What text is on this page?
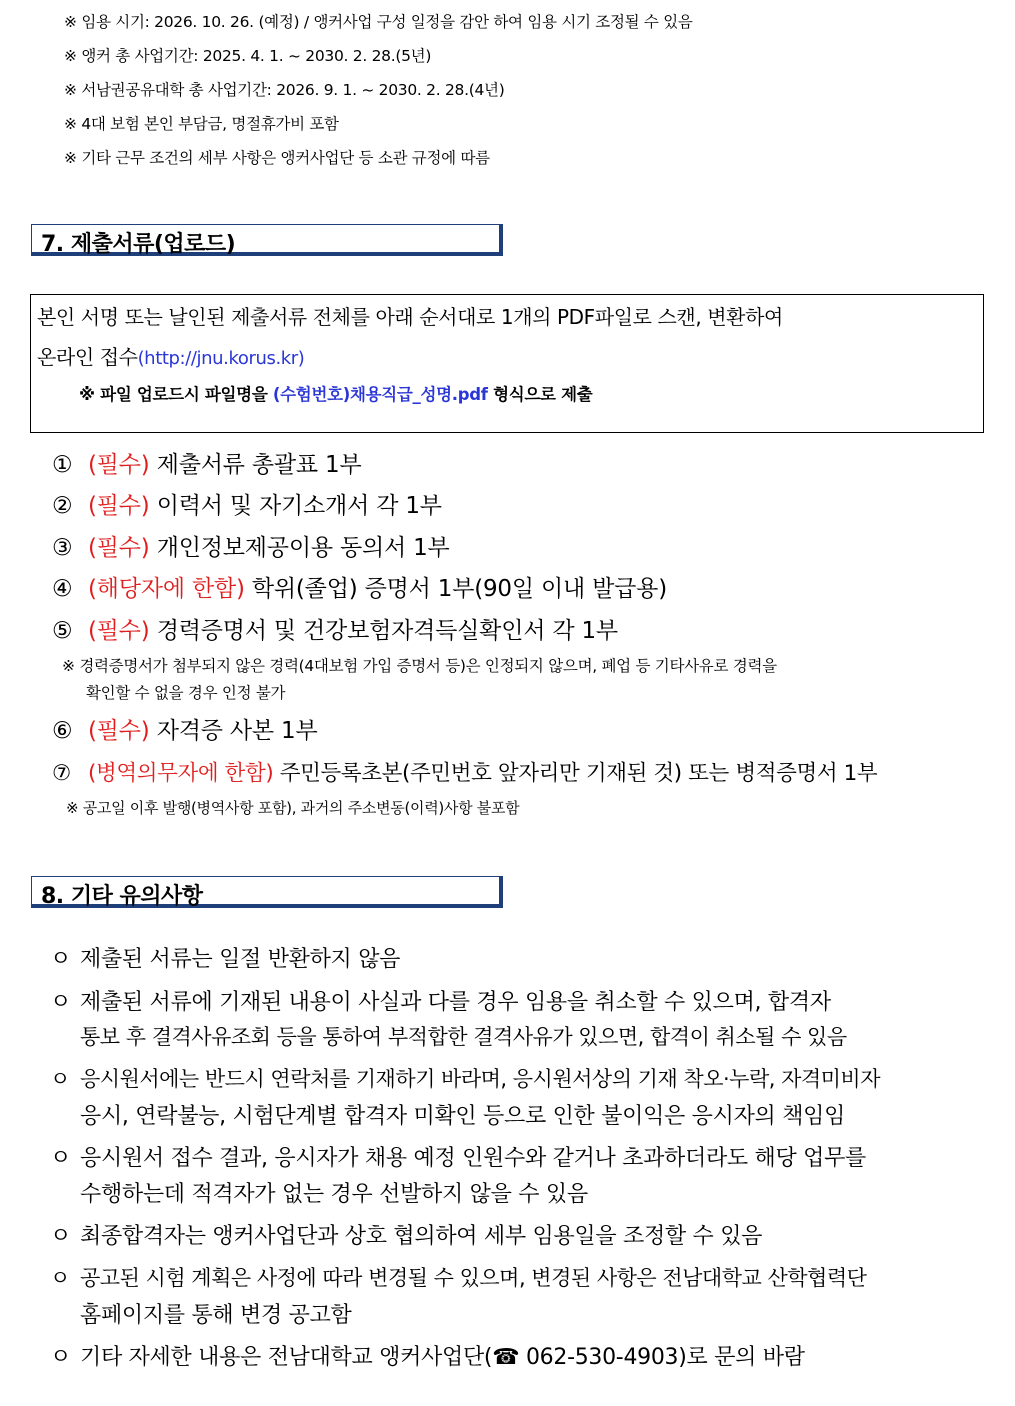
※ 임용 시기: 2026. 10. 26. (예정) / 앵커사업 구성 일정을 감안 하여 임용 시기 조정될 수 있음
※ 앵커 총 사업기간: 2025. 4. 1. ~ 2030. 2. 28.(5년)
※ 서남권공유대학 총 사업기간: 2026. 9. 1. ~ 2030. 2. 28.(4년)
※ 4대 보험 본인 부담금, 명절휴가비 포함
※ 기타 근무 조건의 세부 사항은 앵커사업단 등 소관 규정에 따름
7. 제출서류(업로드)
본인 서명 또는 날인된 제출서류 전체를 아래 순서대로 1개의 PDF파일로 스캔, 변환하여
온라인 접수(http://jnu.korus.kr)
※ 파일 업로드시 파일명을 (수험번호)채용직급_성명.pdf 형식으로 제출
① (필수) 제출서류 총괄표 1부
② (필수) 이력서 및 자기소개서 각 1부
③ (필수) 개인정보제공이용 동의서 1부
④ (해당자에 한함) 학위(졸업) 증명서 1부(90일 이내 발급용)
⑤ (필수) 경력증명서 및 건강보험자격득실확인서 각 1부
※ 경력증명서가 첨부되지 않은 경력(4대보험 가입 증명서 등)은 인정되지 않으며, 폐업 등 기타사유로 경력을
확인할 수 없을 경우 인정 불가
⑥ (필수) 자격증 사본 1부
⑦ (병역의무자에 한함) 주민등록초본(주민번호 앞자리만 기재된 것) 또는 병적증명서 1부
※ 공고일 이후 발행(병역사항 포함), 과거의 주소변동(이력)사항 불포함
8. 기타 유의사항
ㅇ 제출된 서류는 일절 반환하지 않음
ㅇ 제출된 서류에 기재된 내용이 사실과 다를 경우 임용을 취소할 수 있으며, 합격자
통보 후 결격사유조회 등을 통하여 부적합한 결격사유가 있으면, 합격이 취소될 수 있음
ㅇ 응시원서에는 반드시 연락처를 기재하기 바라며, 응시원서상의 기재 착오·누락, 자격미비자
응시, 연락불능, 시험단계별 합격자 미확인 등으로 인한 불이익은 응시자의 책임임
ㅇ 응시원서 접수 결과, 응시자가 채용 예정 인원수와 같거나 초과하더라도 해당 업무를
수행하는데 적격자가 없는 경우 선발하지 않을 수 있음
ㅇ 최종합격자는 앵커사업단과 상호 협의하여 세부 임용일을 조정할 수 있음
ㅇ 공고된 시험 계획은 사정에 따라 변경될 수 있으며, 변경된 사항은 전남대학교 산학협력단
홈페이지를 통해 변경 공고함
ㅇ 기타 자세한 내용은 전남대학교 앵커사업단(☎ 062-530-4903)로 문의 바람
